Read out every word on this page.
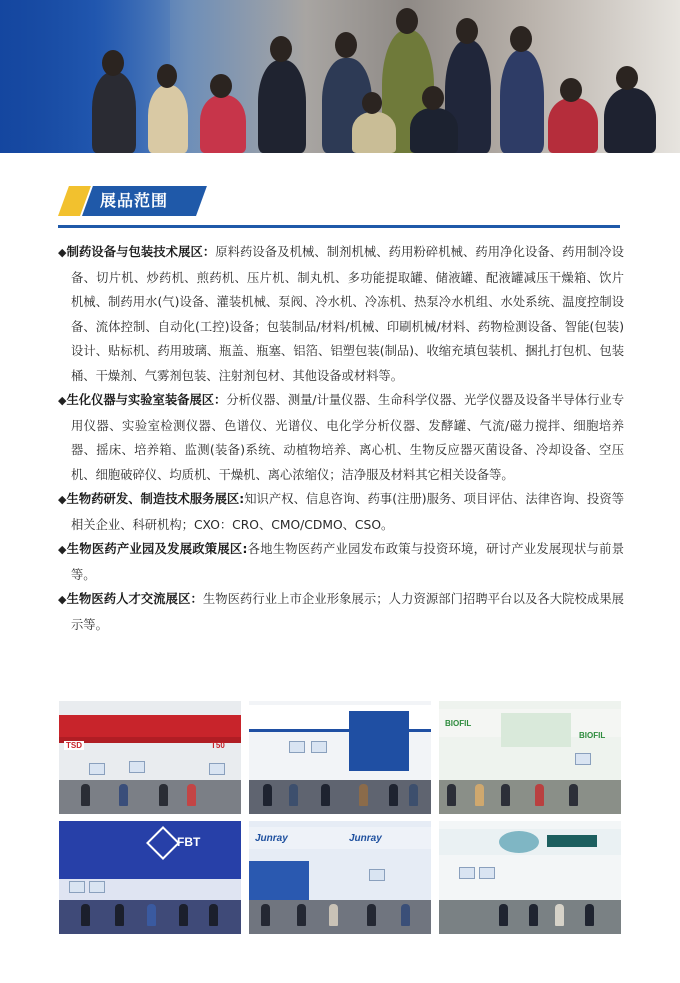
展品范围

◆制药设备与包装技术展区：原料药设备及机械、制剂机械、药用粉碎机械、药用净化设备、药用制冷设备、切片机、炒药机、煎药机、压片机、制丸机、多功能提取罐、储液罐、配液罐减压干燥箱、饮片机械、制药用水(气)设备、灌装机械、泵阀、冷水机、冷冻机、热泵冷水机组、水处系统、温度控制设备、流体控制、自动化(工控)设备；包装制品/材料/机械、印刷机械/材料、药物检测设备、智能(包装)设计、贴标机、药用玻璃、瓶盖、瓶塞、铝箔、铝塑包装(制品)、收缩充填包装机、捆扎打包机、包装桶、干燥剂、气雾剂包装、注射剂包材、其他设备或材料等。

◆生化仪器与实验室装备展区：分析仪器、测量/计量仪器、生命科学仪器、光学仪器及设备半导体行业专用仪器、实验室检测仪器、色谱仪、光谱仪、电化学分析仪器、发酵罐、气流/磁力搅拌、细胞培养器、摇床、培养箱、监测(装备)系统、动植物培养、离心机、生物反应器灭菌设备、冷却设备、空压机、细胞破碎仪、均质机、干燥机、离心浓缩仪；洁净服及材料其它相关设备等。

◆生物药研发、制造技术服务展区:知识产权、信息咨询、药事(注册)服务、项目评估、法律咨询、投资等相关企业、科研机构；CXO：CRO、CMO/CDMO、CSO。

◆生物医药产业园及发展政策展区:各地生物医药产业园发布政策与投资环境，研讨产业发展现状与前景等。

◆生物医药人才交流展区：生物医药行业上市企业形象展示；人力资源部门招聘平台以及各大院校成果展示等。

TSD	T50
BIOFIL
BIOFIL
FBT	Junray	Junray
